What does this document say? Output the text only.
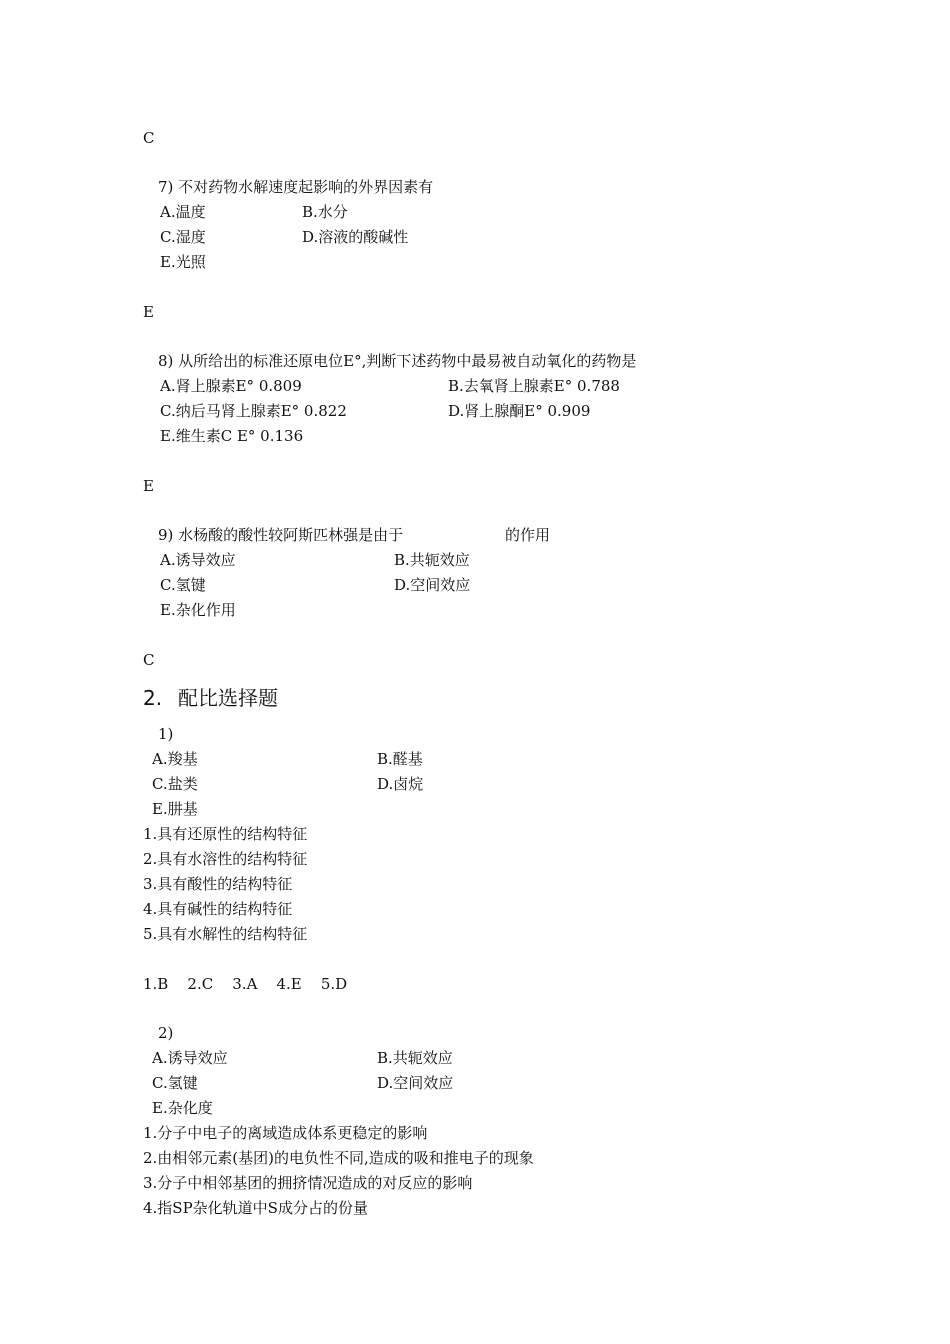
C
7) 不对药物水解速度起影响的外界因素有
A.温度	B.水分
C.湿度	D.溶液的酸碱性
E.光照
E
8) 从所给出的标准还原电位E°,判断下述药物中最易被自动氧化的药物是
A.肾上腺素E° 0.809	B.去氧肾上腺素E° 0.788
C.纳后马肾上腺素E° 0.822	D.肾上腺酮E° 0.909
E.维生素C E° 0.136
E
9) 水杨酸的酸性较阿斯匹林强是由于	的作用
A.诱导效应	B.共轭效应
C.氢键	D.空间效应
E.杂化作用
C
2. 配比选择题
1)
A.羧基	B.醛基
C.盐类	D.卤烷
E.肼基
1.具有还原性的结构特征
2.具有水溶性的结构特征
3.具有酸性的结构特征
4.具有碱性的结构特征
5.具有水解性的结构特征
1.B    2.C    3.A    4.E    5.D
2)
A.诱导效应	B.共轭效应
C.氢键	D.空间效应
E.杂化度
1.分子中电子的离域造成体系更稳定的影响
2.由相邻元素(基团)的电负性不同,造成的吸和推电子的现象
3.分子中相邻基团的拥挤情况造成的对反应的影响
4.指SP杂化轨道中S成分占的份量
